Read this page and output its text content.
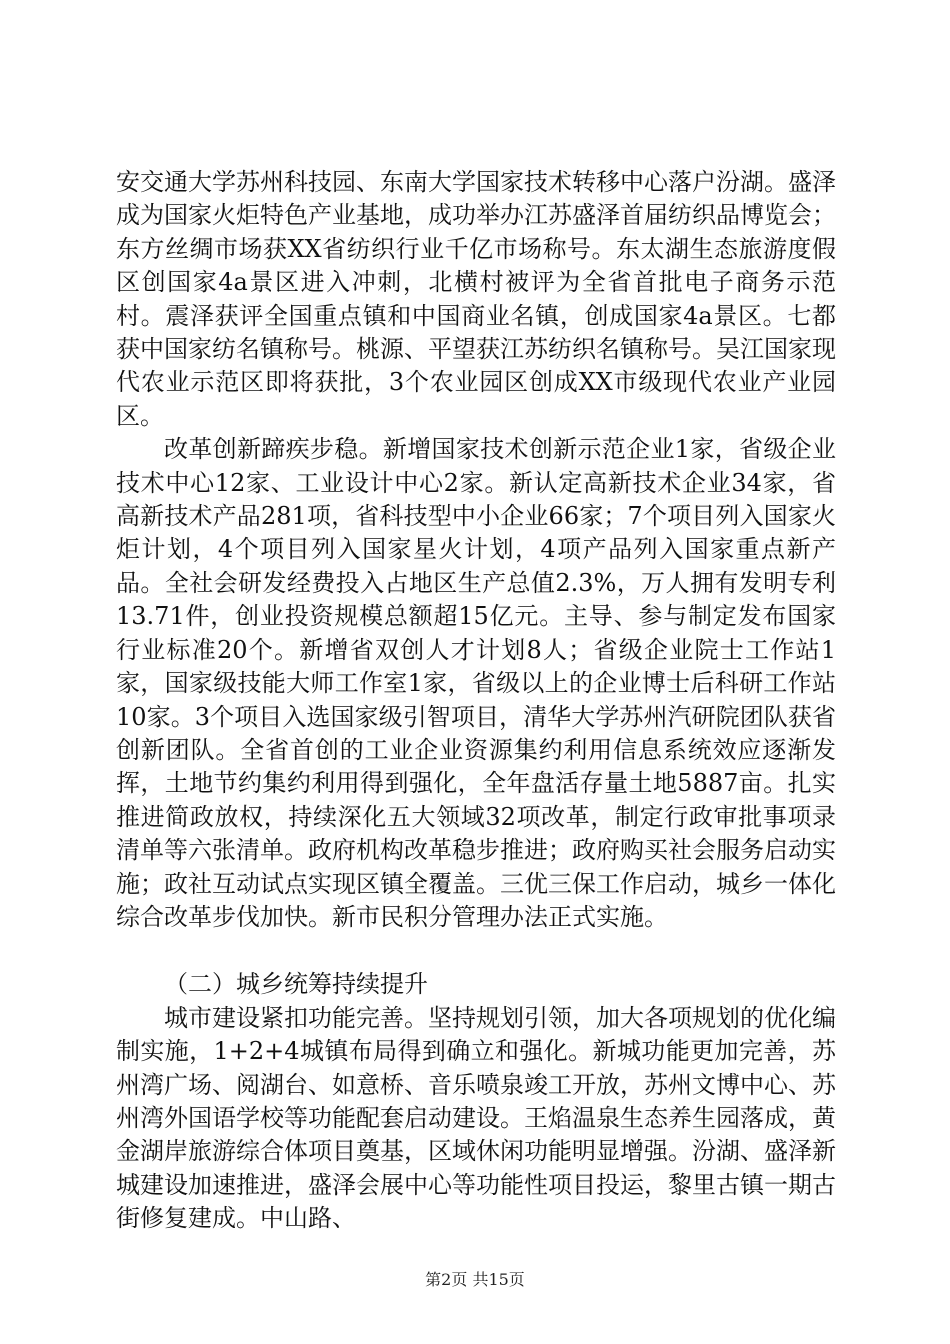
安交通大学苏州科技园、东南大学国家技术转移中心落户汾湖。盛泽成为国家火炬特色产业基地，成功举办江苏盛泽首届纺织品博览会；东方丝绸市场获XX省纺织行业千亿市场称号。东太湖生态旅游度假区创国家4a景区进入冲刺，北横村被评为全省首批电子商务示范村。震泽获评全国重点镇和中国商业名镇，创成国家4a景区。七都获中国家纺名镇称号。桃源、平望获江苏纺织名镇称号。吴江国家现代农业示范区即将获批，3个农业园区创成XX市级现代农业产业园区。

改革创新蹄疾步稳。新增国家技术创新示范企业1家，省级企业技术中心12家、工业设计中心2家。新认定高新技术企业34家，省高新技术产品281项，省科技型中小企业66家；7个项目列入国家火炬计划，4个项目列入国家星火计划，4项产品列入国家重点新产品。全社会研发经费投入占地区生产总值2.3%，万人拥有发明专利13.71件，创业投资规模总额超15亿元。主导、参与制定发布国家行业标准20个。新增省双创人才计划8人；省级企业院士工作站1家，国家级技能大师工作室1家，省级以上的企业博士后科研工作站10家。3个项目入选国家级引智项目，清华大学苏州汽研院团队获省创新团队。全省首创的工业企业资源集约利用信息系统效应逐渐发挥，土地节约集约利用得到强化，全年盘活存量土地5887亩。扎实推进简政放权，持续深化五大领域32项改革，制定行政审批事项录清单等六张清单。政府机构改革稳步推进；政府购买社会服务启动实施；政社互动试点实现区镇全覆盖。三优三保工作启动，城乡一体化综合改革步伐加快。新市民积分管理办法正式实施。

（二）城乡统筹持续提升

城市建设紧扣功能完善。坚持规划引领，加大各项规划的优化编制实施，1+2+4城镇布局得到确立和强化。新城功能更加完善，苏州湾广场、阅湖台、如意桥、音乐喷泉竣工开放，苏州文博中心、苏州湾外国语学校等功能配套启动建设。王焰温泉生态养生园落成，黄金湖岸旅游综合体项目奠基，区域休闲功能明显增强。汾湖、盛泽新城建设加速推进，盛泽会展中心等功能性项目投运，黎里古镇一期古街修复建成。中山路、

第2页 共15页
